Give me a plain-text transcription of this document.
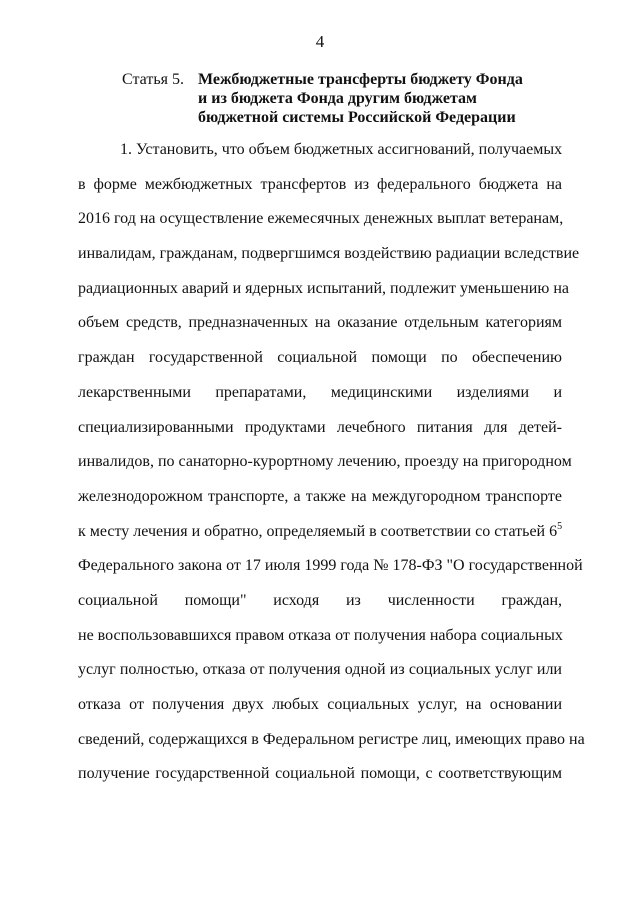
4
Статья 5. Межбюджетные трансферты бюджету Фонда
и из бюджета Фонда другим бюджетам
бюджетной системы Российской Федерации
1. Установить, что объем бюджетных ассигнований, получаемых
в форме межбюджетных трансфертов из федерального бюджета на
2016 год на осуществление ежемесячных денежных выплат ветеранам,
инвалидам, гражданам, подвергшимся воздействию радиации вследствие
радиационных аварий и ядерных испытаний, подлежит уменьшению на
объем средств, предназначенных на оказание отдельным категориям
граждан государственной социальной помощи по обеспечению
лекарственными препаратами, медицинскими изделиями и
специализированными продуктами лечебного питания для детей-
инвалидов, по санаторно-курортному лечению, проезду на пригородном
железнодорожном транспорте, а также на междугородном транспорте
к месту лечения и обратно, определяемый в соответствии со статьей $6^5$
Федерального закона от 17 июля 1999 года № 178-ФЗ "О государственной
социальной помощи" исходя из численности граждан,
не воспользовавшихся правом отказа от получения набора социальных
услуг полностью, отказа от получения одной из социальных услуг или
отказа от получения двух любых социальных услуг, на основании
сведений, содержащихся в Федеральном регистре лиц, имеющих право на
получение государственной социальной помощи, с соответствующим
